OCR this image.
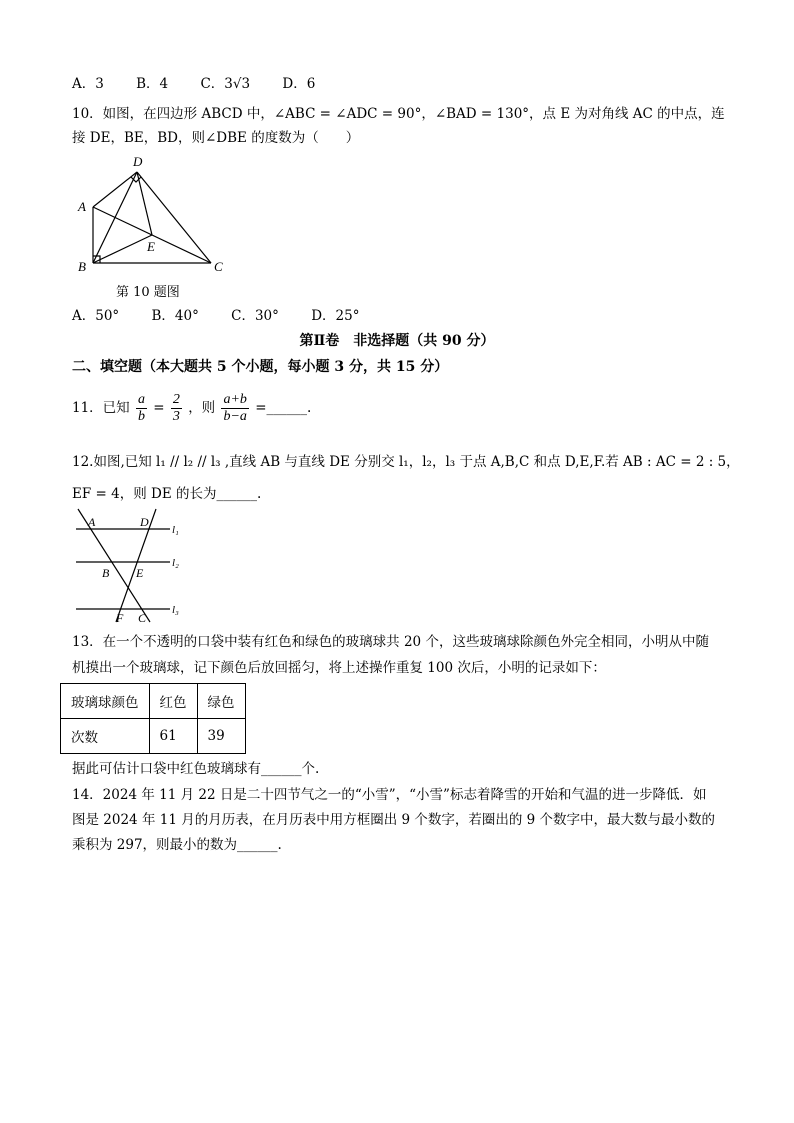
A．3 B．4 C．3√3 D．6
10．如图，在四边形 ABCD 中，∠ABC = ∠ADC = 90°，∠BAD = 130°，点 E 为对角线 AC 的中点，连
接 DE，BE，BD，则∠DBE 的度数为（　　）
D
A
E
B	C
第 10 题图
A．50° B．40° C．30° D．25°
第Ⅱ卷　非选择题（共 90 分）
二、填空题（本大题共 5 个小题，每小题 3 分，共 15 分）
11．已知 $\frac{a}{b} = \frac{2}{3}$ ，则 $\frac{a+b}{b-a}$ =______.
12.如图,已知 l₁ // l₂ // l₃ ,直线 AB 与直线 DE 分别交 l₁，l₂，l₃ 于点 A,B,C 和点 D,E,F.若 AB : AC = 2 : 5，
EF = 4，则 DE 的长为______.
A	D
l₁
l₂
B E
F C
l₃
13．在一个不透明的口袋中装有红色和绿色的玻璃球共 20 个，这些玻璃球除颜色外完全相同，小明从中随
机摸出一个玻璃球，记下颜色后放回摇匀，将上述操作重复 100 次后，小明的记录如下：
玻璃球颜色	红色	绿色
次数	61	39
据此可估计口袋中红色玻璃球有______个.
14．2024 年 11 月 22 日是二十四节气之一的“小雪”，“小雪”标志着降雪的开始和气温的进一步降低．如
图是 2024 年 11 月的月历表，在月历表中用方框圈出 9 个数字，若圈出的 9 个数字中，最大数与最小数的
乘积为 297，则最小的数为______.
